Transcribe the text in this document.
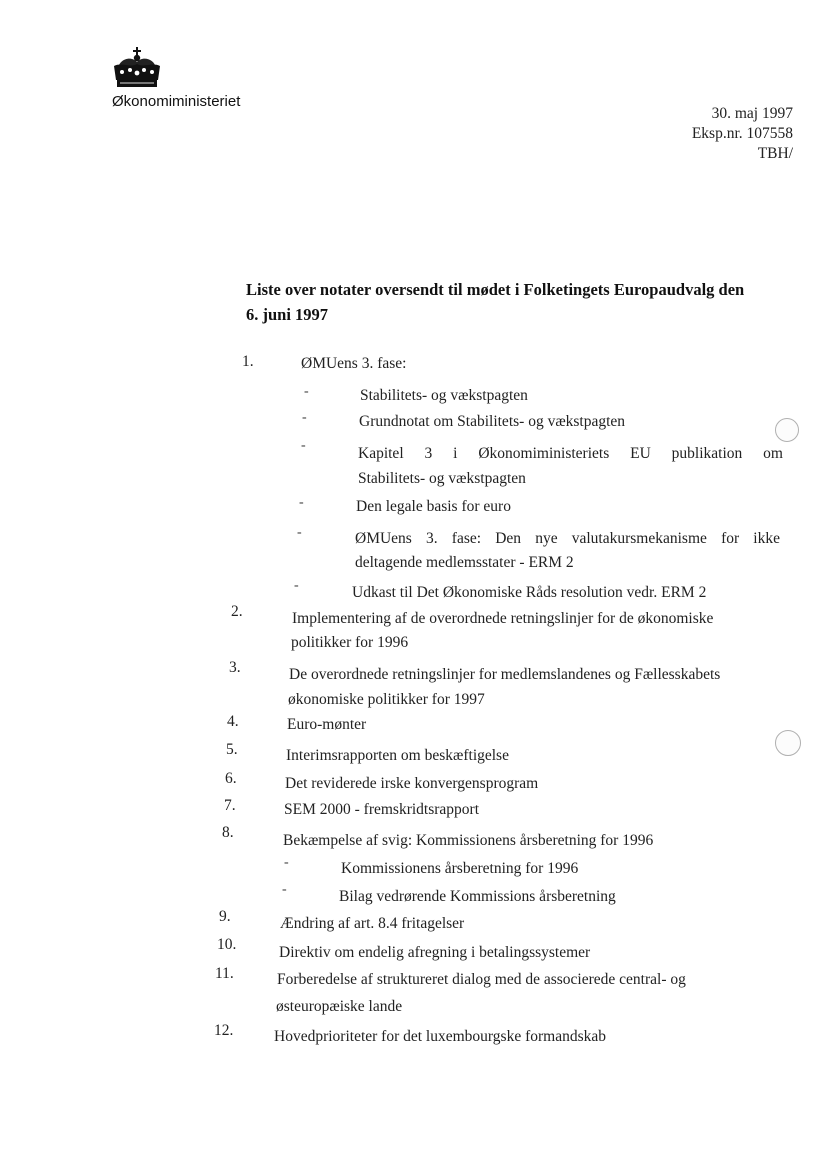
Økonomiministeriet
30. maj 1997
Eksp.nr. 107558
TBH/
Liste over notater oversendt til mødet i Folketingets Europaudvalg den
6. juni 1997
1.	ØMUens 3. fase:
-	Stabilitets- og vækstpagten
-	Grundnotat om Stabilitets- og vækstpagten
-	Kapitel 3 i Økonomiministeriets EU publikation om
Stabilitets- og vækstpagten
-	Den legale basis for euro
-	ØMUens 3. fase: Den nye valutakursmekanisme for ikke
deltagende medlemsstater - ERM 2
-	Udkast til Det Økonomiske Råds resolution vedr. ERM 2
2.	Implementering af de overordnede retningslinjer for de økonomiske
politikker for 1996
3.	De overordnede retningslinjer for medlemslandenes og Fællesskabets
økonomiske politikker for 1997
4.	Euro-mønter
5.	Interimsrapporten om beskæftigelse
6.	Det reviderede irske konvergensprogram
7.	SEM 2000 - fremskridtsrapport
8.	Bekæmpelse af svig: Kommissionens årsberetning for 1996
-	Kommissionens årsberetning for 1996
-	Bilag vedrørende Kommissions årsberetning
9.	Ændring af art. 8.4 fritagelser
10.	Direktiv om endelig afregning i betalingssystemer
11.	Forberedelse af struktureret dialog med de associerede central- og
østeuropæiske lande
12.	Hovedprioriteter for det luxembourgske formandskab
